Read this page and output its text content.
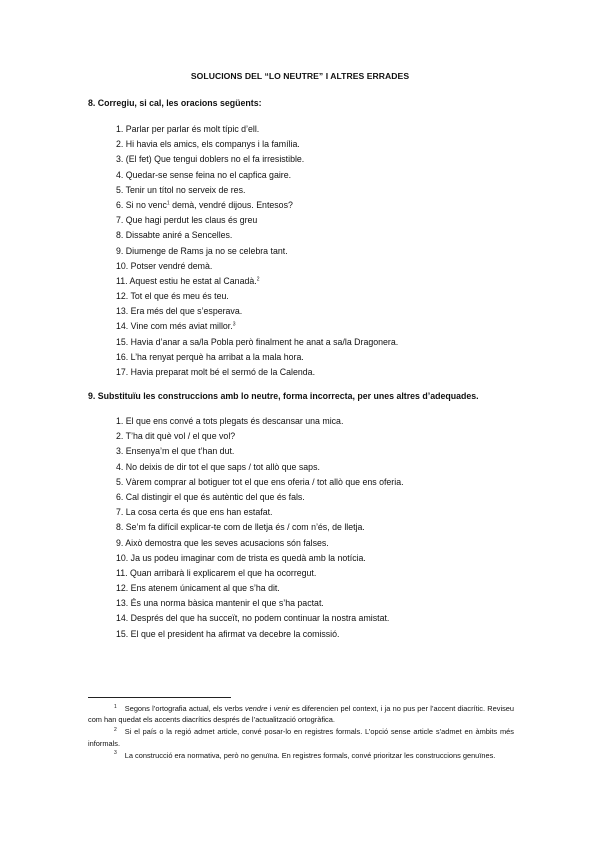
SOLUCIONS DEL “LO NEUTRE” I ALTRES ERRADES
8. Corregiu, si cal, les oracions següents:
1. Parlar per parlar és molt típic d’ell.
2. Hi havia els amics, els companys i la família.
3. (El fet) Que tengui doblers no el fa irresistible.
4. Quedar-se sense feina no el capfica gaire.
5. Tenir un títol no serveix de res.
6. Si no venc$^1$ demà, vendré dijous. Entesos?
7. Que hagi perdut les claus és greu
8. Dissabte aniré a Sencelles.
9. Diumenge de Rams ja no se celebra tant.
10. Potser vendré demà.
11. Aquest estiu he estat al Canadà.$^2$
12. Tot el que és meu és teu.
13. Era més del que s’esperava.
14. Vine com més aviat millor.$^3$
15. Havia d’anar a sa/la Pobla però finalment he anat a sa/la Dragonera.
16. L’ha renyat perquè ha arribat a la mala hora.
17. Havia preparat molt bé el sermó de la Calenda.
9. Substituïu les construccions amb lo neutre, forma incorrecta, per unes altres d’adequades.
1. El que ens convé a tots plegats és descansar una mica.
2. T’ha dit què vol / el que vol?
3. Ensenya’m el que t’han dut.
4. No deixis de dir tot el que saps / tot allò que saps.
5. Vàrem comprar al botiguer tot el que ens oferia / tot allò que ens oferia.
6. Cal distingir el que és autèntic del que és fals.
7. La cosa certa és que ens han estafat.
8. Se’m fa difícil explicar-te com de lletja és / com n’és, de lletja.
9. Això demostra que les seves acusacions són falses.
10. Ja us podeu imaginar com de trista es quedà amb la notícia.
11. Quan arribarà li explicarem el que ha ocorregut.
12. Ens atenem únicament al que s’ha dit.
13. És una norma bàsica mantenir el que s’ha pactat.
14. Després del que ha succeït, no podem continuar la nostra amistat.
15. El que el president ha afirmat va decebre la comissió.

$^1$ Segons l’ortografia actual, els verbs vendre i venir es diferencien pel context, i ja no pus per l’accent diacrític. Reviseu com han quedat els accents diacrítics després de l’actualització ortogràfica.

$^2$ Si el país o la regió admet article, convé posar-lo en registres formals. L’opció sense article s’admet en àmbits més informals.

$^3$ La construcció era normativa, però no genuïna. En registres formals, convé prioritzar les construccions genuïnes.
